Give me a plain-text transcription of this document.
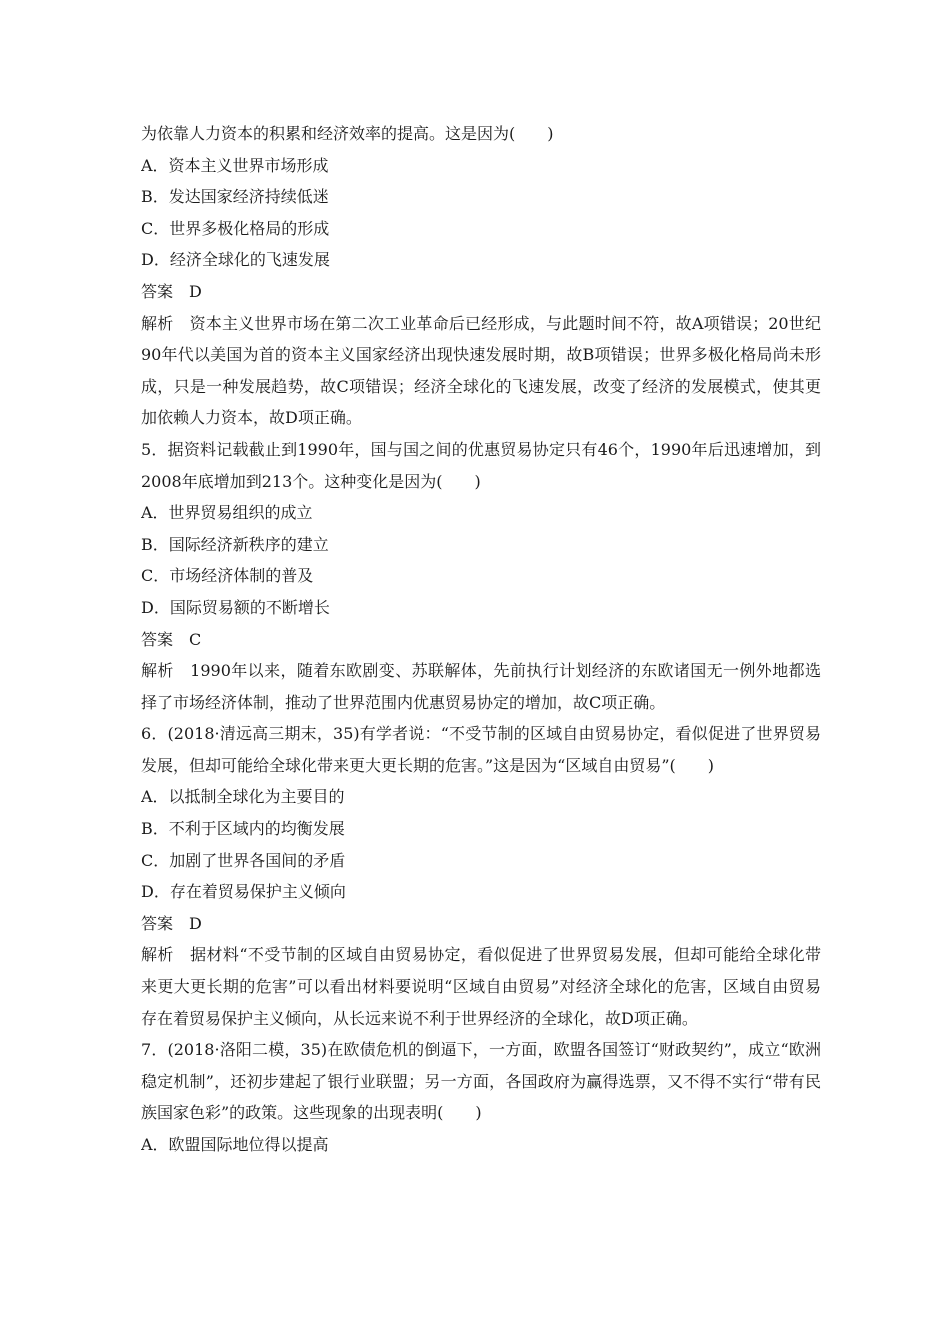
为依靠人力资本的积累和经济效率的提高。这是因为(　　)
A．资本主义世界市场形成
B．发达国家经济持续低迷
C．世界多极化格局的形成
D．经济全球化的飞速发展
答案　D
解析　资本主义世界市场在第二次工业革命后已经形成，与此题时间不符，故A项错误；20世纪90年代以美国为首的资本主义国家经济出现快速发展时期，故B项错误；世界多极化格局尚未形成，只是一种发展趋势，故C项错误；经济全球化的飞速发展，改变了经济的发展模式，使其更加依赖人力资本，故D项正确。
5．据资料记载截止到1990年，国与国之间的优惠贸易协定只有46个，1990年后迅速增加，到2008年底增加到213个。这种变化是因为(　　)
A．世界贸易组织的成立
B．国际经济新秩序的建立
C．市场经济体制的普及
D．国际贸易额的不断增长
答案　C
解析　1990年以来，随着东欧剧变、苏联解体，先前执行计划经济的东欧诸国无一例外地都选择了市场经济体制，推动了世界范围内优惠贸易协定的增加，故C项正确。
6．(2018·清远高三期末，35)有学者说：“不受节制的区域自由贸易协定，看似促进了世界贸易发展，但却可能给全球化带来更大更长期的危害。”这是因为“区域自由贸易”(　　)
A．以抵制全球化为主要目的
B．不利于区域内的均衡发展
C．加剧了世界各国间的矛盾
D．存在着贸易保护主义倾向
答案　D
解析　据材料“不受节制的区域自由贸易协定，看似促进了世界贸易发展，但却可能给全球化带来更大更长期的危害”可以看出材料要说明“区域自由贸易”对经济全球化的危害，区域自由贸易存在着贸易保护主义倾向，从长远来说不利于世界经济的全球化，故D项正确。
7．(2018·洛阳二模，35)在欧债危机的倒逼下，一方面，欧盟各国签订“财政契约”，成立“欧洲稳定机制”，还初步建起了银行业联盟；另一方面，各国政府为赢得选票，又不得不实行“带有民族国家色彩”的政策。这些现象的出现表明(　　)
A．欧盟国际地位得以提高
